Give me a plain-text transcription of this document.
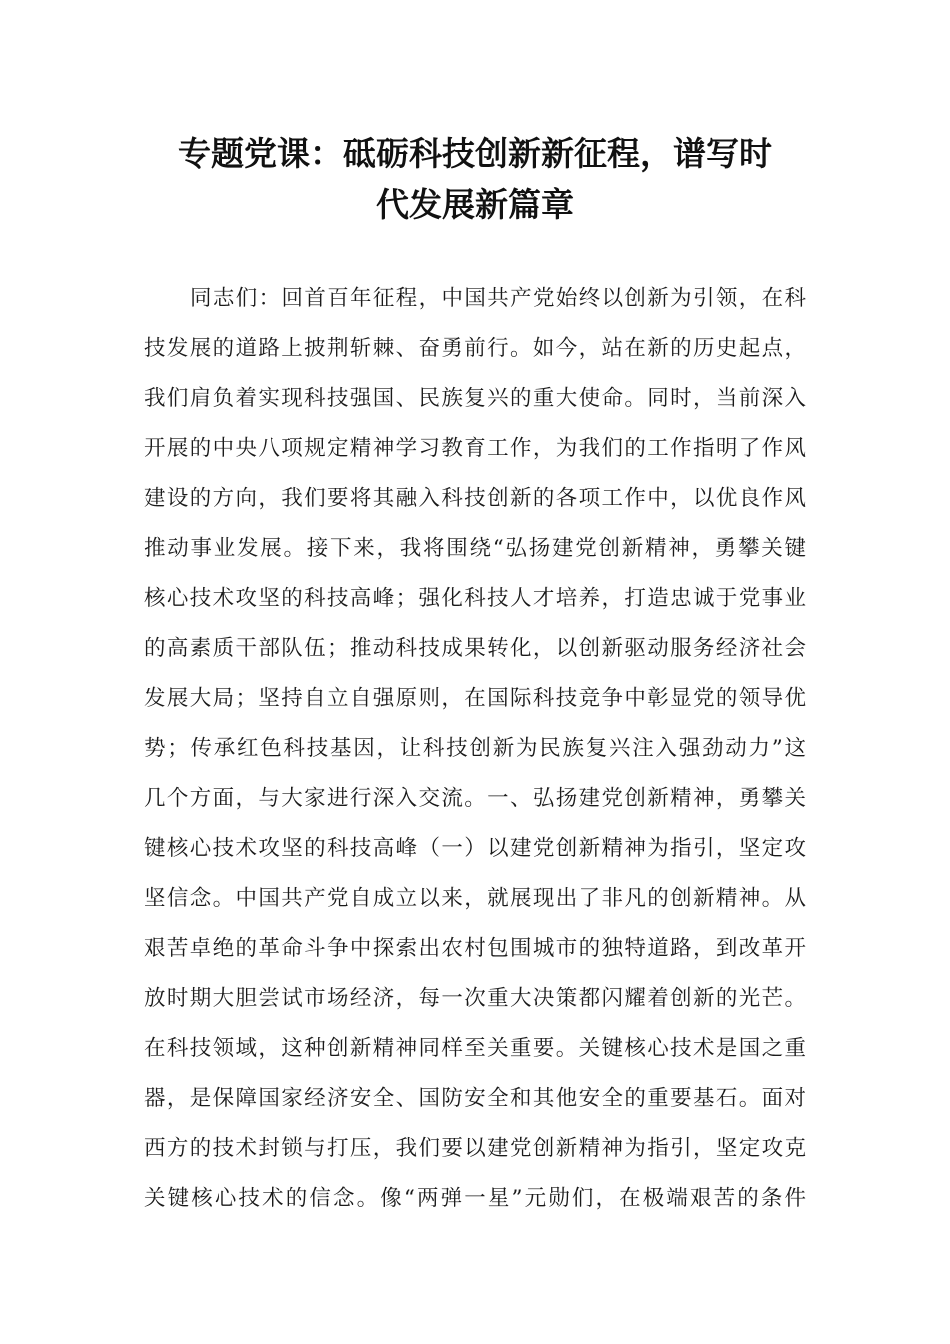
专题党课：砥砺科技创新新征程，谱写时
代发展新篇章

同志们：回首百年征程，中国共产党始终以创新为引领，在科

技发展的道路上披荆斩棘、奋勇前行。如今，站在新的历史起点，

我们肩负着实现科技强国、民族复兴的重大使命。同时，当前深入

开展的中央八项规定精神学习教育工作，为我们的工作指明了作风

建设的方向，我们要将其融入科技创新的各项工作中，以优良作风

推动事业发展。接下来，我将围绕“弘扬建党创新精神，勇攀关键

核心技术攻坚的科技高峰；强化科技人才培养，打造忠诚于党事业

的高素质干部队伍；推动科技成果转化，以创新驱动服务经济社会

发展大局；坚持自立自强原则，在国际科技竞争中彰显党的领导优

势；传承红色科技基因，让科技创新为民族复兴注入强劲动力”这

几个方面，与大家进行深入交流。一、弘扬建党创新精神，勇攀关

键核心技术攻坚的科技高峰（一）以建党创新精神为指引，坚定攻

坚信念。中国共产党自成立以来，就展现出了非凡的创新精神。从

艰苦卓绝的革命斗争中探索出农村包围城市的独特道路，到改革开

放时期大胆尝试市场经济，每一次重大决策都闪耀着创新的光芒。

在科技领域，这种创新精神同样至关重要。关键核心技术是国之重

器，是保障国家经济安全、国防安全和其他安全的重要基石。面对

西方的技术封锁与打压，我们要以建党创新精神为指引，坚定攻克

关键核心技术的信念。像“两弹一星”元勋们，在极端艰苦的条件
